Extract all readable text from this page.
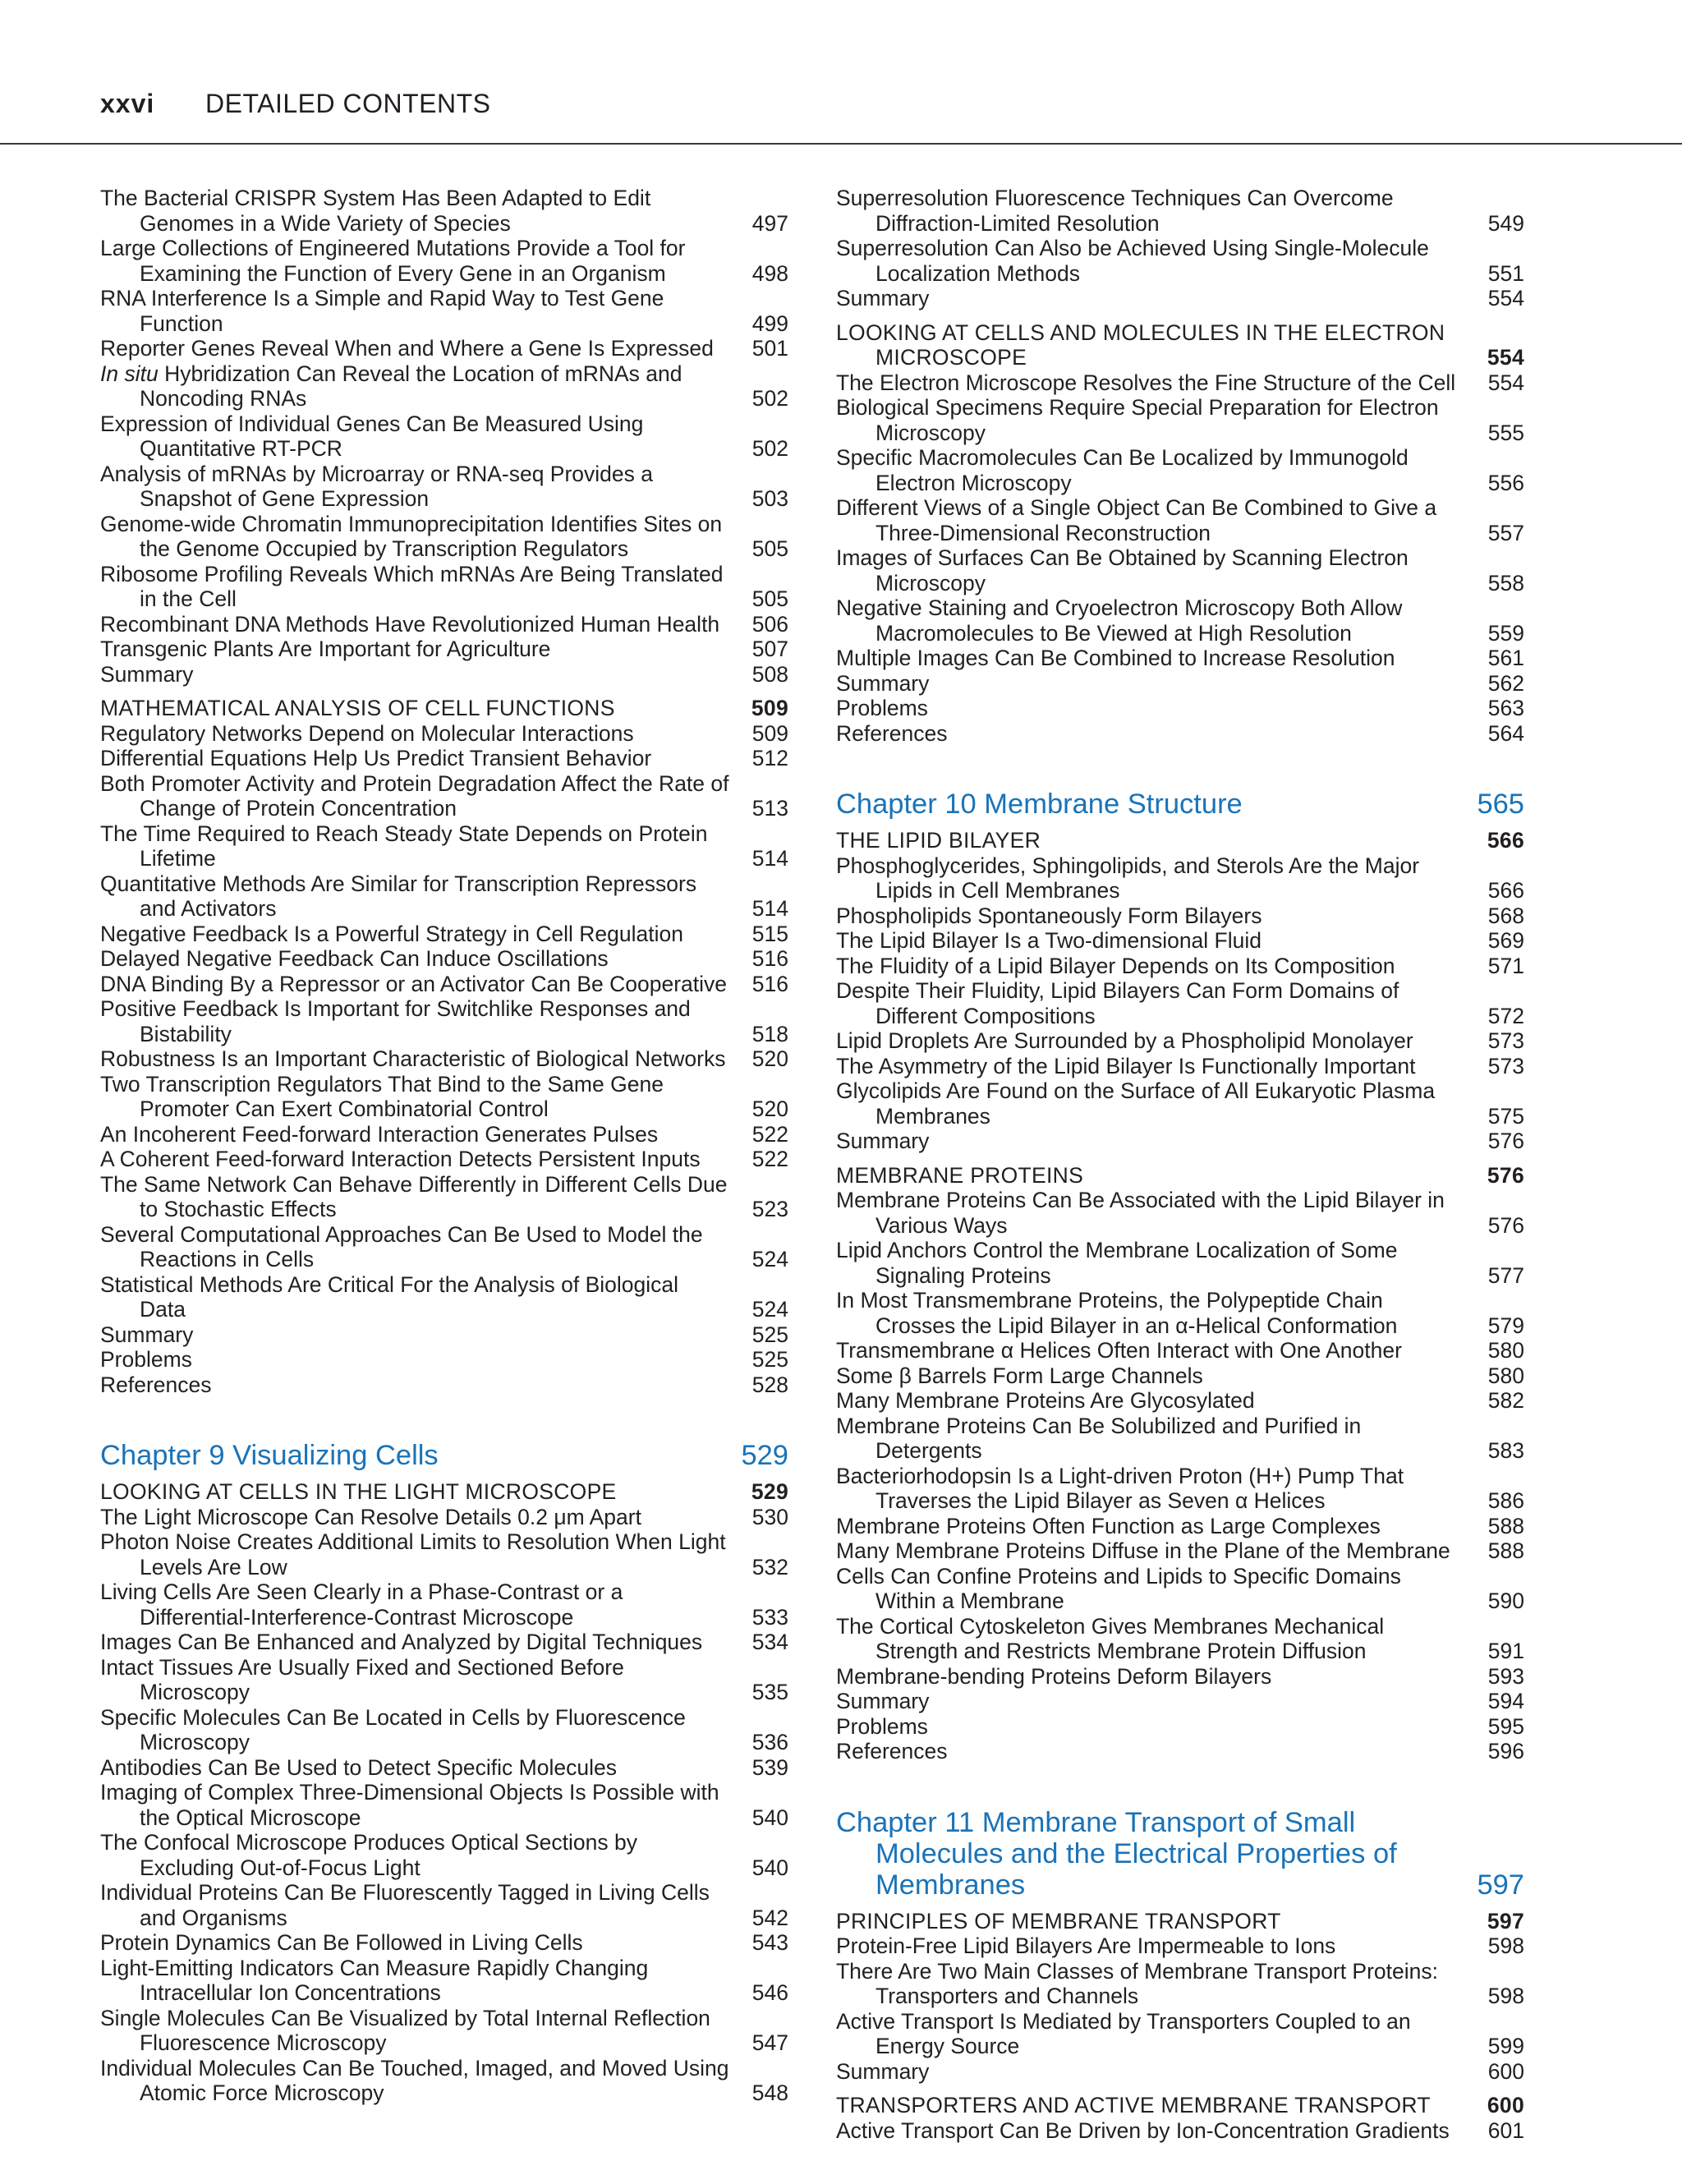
xxvi DETAILED CONTENTS
The Bacterial CRISPR System Has Been Adapted to Edit Genomes in a Wide Variety of Species	497
Large Collections of Engineered Mutations Provide a Tool for Examining the Function of Every Gene in an Organism	498
RNA Interference Is a Simple and Rapid Way to Test Gene Function	499
Reporter Genes Reveal When and Where a Gene Is Expressed	501
In situ Hybridization Can Reveal the Location of mRNAs and Noncoding RNAs	502
Expression of Individual Genes Can Be Measured Using Quantitative RT-PCR	502
Analysis of mRNAs by Microarray or RNA-seq Provides a Snapshot of Gene Expression	503
Genome-wide Chromatin Immunoprecipitation Identifies Sites on the Genome Occupied by Transcription Regulators	505
Ribosome Profiling Reveals Which mRNAs Are Being Translated in the Cell	505
Recombinant DNA Methods Have Revolutionized Human Health	506
Transgenic Plants Are Important for Agriculture	507
Summary	508
MATHEMATICAL ANALYSIS OF CELL FUNCTIONS	509
Regulatory Networks Depend on Molecular Interactions	509
Differential Equations Help Us Predict Transient Behavior	512
Both Promoter Activity and Protein Degradation Affect the Rate of Change of Protein Concentration	513
The Time Required to Reach Steady State Depends on Protein Lifetime	514
Quantitative Methods Are Similar for Transcription Repressors and Activators	514
Negative Feedback Is a Powerful Strategy in Cell Regulation	515
Delayed Negative Feedback Can Induce Oscillations	516
DNA Binding By a Repressor or an Activator Can Be Cooperative	516
Positive Feedback Is Important for Switchlike Responses and Bistability	518
Robustness Is an Important Characteristic of Biological Networks	520
Two Transcription Regulators That Bind to the Same Gene Promoter Can Exert Combinatorial Control	520
An Incoherent Feed-forward Interaction Generates Pulses	522
A Coherent Feed-forward Interaction Detects Persistent Inputs	522
The Same Network Can Behave Differently in Different Cells Due to Stochastic Effects	523
Several Computational Approaches Can Be Used to Model the Reactions in Cells	524
Statistical Methods Are Critical For the Analysis of Biological Data	524
Summary	525
Problems	525
References	528
Chapter 9 Visualizing Cells	529
LOOKING AT CELLS IN THE LIGHT MICROSCOPE	529
The Light Microscope Can Resolve Details 0.2 μm Apart	530
Photon Noise Creates Additional Limits to Resolution When Light Levels Are Low	532
Living Cells Are Seen Clearly in a Phase-Contrast or a Differential-Interference-Contrast Microscope	533
Images Can Be Enhanced and Analyzed by Digital Techniques	534
Intact Tissues Are Usually Fixed and Sectioned Before Microscopy	535
Specific Molecules Can Be Located in Cells by Fluorescence Microscopy	536
Antibodies Can Be Used to Detect Specific Molecules	539
Imaging of Complex Three-Dimensional Objects Is Possible with the Optical Microscope	540
The Confocal Microscope Produces Optical Sections by Excluding Out-of-Focus Light	540
Individual Proteins Can Be Fluorescently Tagged in Living Cells and Organisms	542
Protein Dynamics Can Be Followed in Living Cells	543
Light-Emitting Indicators Can Measure Rapidly Changing Intracellular Ion Concentrations	546
Single Molecules Can Be Visualized by Total Internal Reflection Fluorescence Microscopy	547
Individual Molecules Can Be Touched, Imaged, and Moved Using Atomic Force Microscopy	548
Superresolution Fluorescence Techniques Can Overcome Diffraction-Limited Resolution	549
Superresolution Can Also be Achieved Using Single-Molecule Localization Methods	551
Summary	554
LOOKING AT CELLS AND MOLECULES IN THE ELECTRON MICROSCOPE	554
The Electron Microscope Resolves the Fine Structure of the Cell	554
Biological Specimens Require Special Preparation for Electron Microscopy	555
Specific Macromolecules Can Be Localized by Immunogold Electron Microscopy	556
Different Views of a Single Object Can Be Combined to Give a Three-Dimensional Reconstruction	557
Images of Surfaces Can Be Obtained by Scanning Electron Microscopy	558
Negative Staining and Cryoelectron Microscopy Both Allow Macromolecules to Be Viewed at High Resolution	559
Multiple Images Can Be Combined to Increase Resolution	561
Summary	562
Problems	563
References	564
Chapter 10 Membrane Structure	565
THE LIPID BILAYER	566
Phosphoglycerides, Sphingolipids, and Sterols Are the Major Lipids in Cell Membranes	566
Phospholipids Spontaneously Form Bilayers	568
The Lipid Bilayer Is a Two-dimensional Fluid	569
The Fluidity of a Lipid Bilayer Depends on Its Composition	571
Despite Their Fluidity, Lipid Bilayers Can Form Domains of Different Compositions	572
Lipid Droplets Are Surrounded by a Phospholipid Monolayer	573
The Asymmetry of the Lipid Bilayer Is Functionally Important	573
Glycolipids Are Found on the Surface of All Eukaryotic Plasma Membranes	575
Summary	576
MEMBRANE PROTEINS	576
Membrane Proteins Can Be Associated with the Lipid Bilayer in Various Ways	576
Lipid Anchors Control the Membrane Localization of Some Signaling Proteins	577
In Most Transmembrane Proteins, the Polypeptide Chain Crosses the Lipid Bilayer in an α-Helical Conformation	579
Transmembrane α Helices Often Interact with One Another	580
Some β Barrels Form Large Channels	580
Many Membrane Proteins Are Glycosylated	582
Membrane Proteins Can Be Solubilized and Purified in Detergents	583
Bacteriorhodopsin Is a Light-driven Proton (H+) Pump That Traverses the Lipid Bilayer as Seven α Helices	586
Membrane Proteins Often Function as Large Complexes	588
Many Membrane Proteins Diffuse in the Plane of the Membrane	588
Cells Can Confine Proteins and Lipids to Specific Domains Within a Membrane	590
The Cortical Cytoskeleton Gives Membranes Mechanical Strength and Restricts Membrane Protein Diffusion	591
Membrane-bending Proteins Deform Bilayers	593
Summary	594
Problems	595
References	596
Chapter 11 Membrane Transport of Small Molecules and the Electrical Properties of Membranes	597
PRINCIPLES OF MEMBRANE TRANSPORT	597
Protein-Free Lipid Bilayers Are Impermeable to Ions	598
There Are Two Main Classes of Membrane Transport Proteins: Transporters and Channels	598
Active Transport Is Mediated by Transporters Coupled to an Energy Source	599
Summary	600
TRANSPORTERS AND ACTIVE MEMBRANE TRANSPORT	600
Active Transport Can Be Driven by Ion-Concentration Gradients	601
